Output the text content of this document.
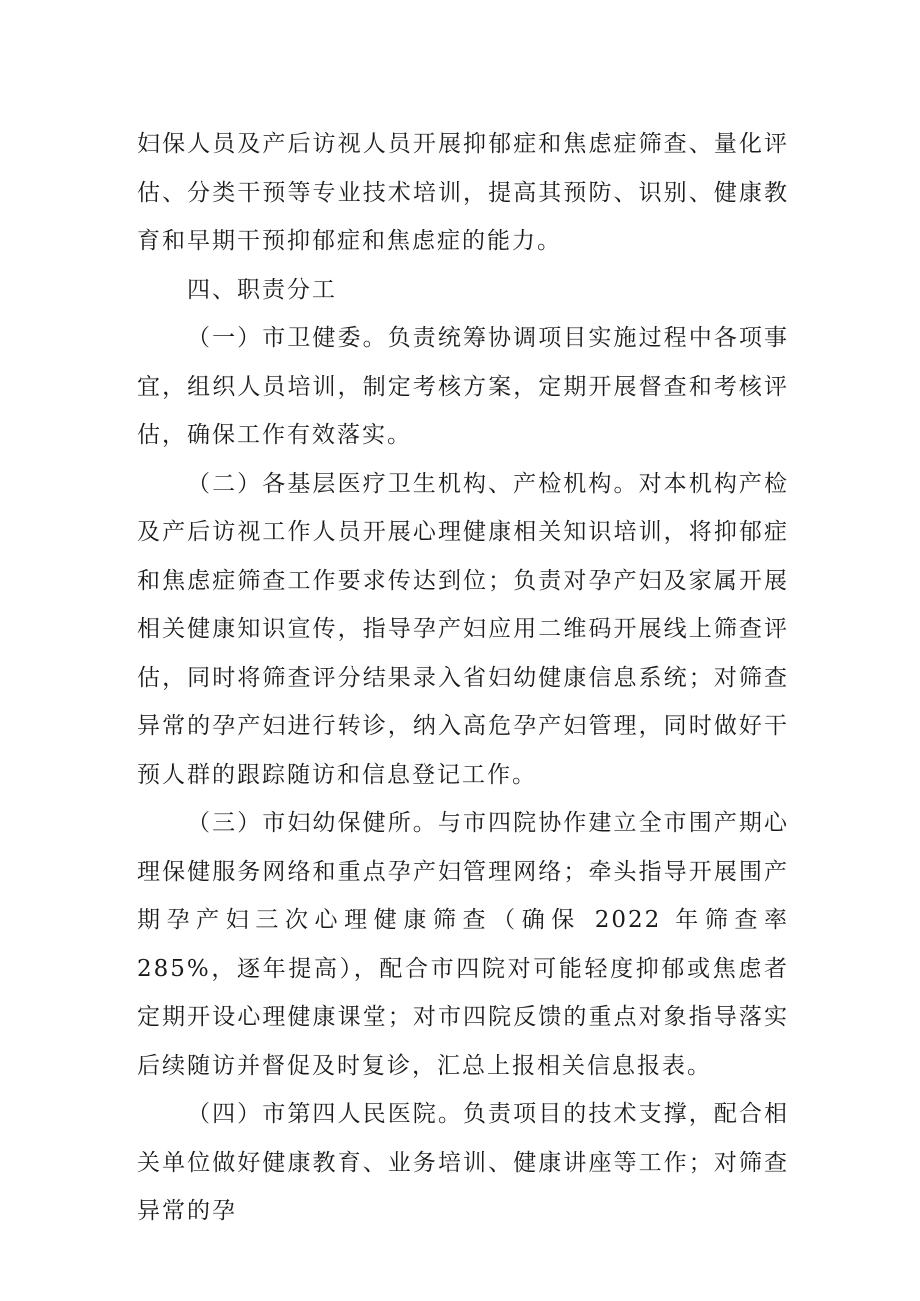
妇保人员及产后访视人员开展抑郁症和焦虑症筛查、量化评估、分类干预等专业技术培训，提高其预防、识别、健康教育和早期干预抑郁症和焦虑症的能力。

四、职责分工

（一）市卫健委。负责统筹协调项目实施过程中各项事宜，组织人员培训，制定考核方案，定期开展督查和考核评估，确保工作有效落实。

（二）各基层医疗卫生机构、产检机构。对本机构产检及产后访视工作人员开展心理健康相关知识培训，将抑郁症和焦虑症筛查工作要求传达到位；负责对孕产妇及家属开展相关健康知识宣传，指导孕产妇应用二维码开展线上筛查评估，同时将筛查评分结果录入省妇幼健康信息系统；对筛查异常的孕产妇进行转诊，纳入高危孕产妇管理，同时做好干预人群的跟踪随访和信息登记工作。

（三）市妇幼保健所。与市四院协作建立全市围产期心理保健服务网络和重点孕产妇管理网络；牵头指导开展围产期孕产妇三次心理健康筛查（确保 2022 年筛查率 285%，逐年提高），配合市四院对可能轻度抑郁或焦虑者定期开设心理健康课堂；对市四院反馈的重点对象指导落实后续随访并督促及时复诊，汇总上报相关信息报表。

（四）市第四人民医院。负责项目的技术支撑，配合相关单位做好健康教育、业务培训、健康讲座等工作；对筛查异常的孕
